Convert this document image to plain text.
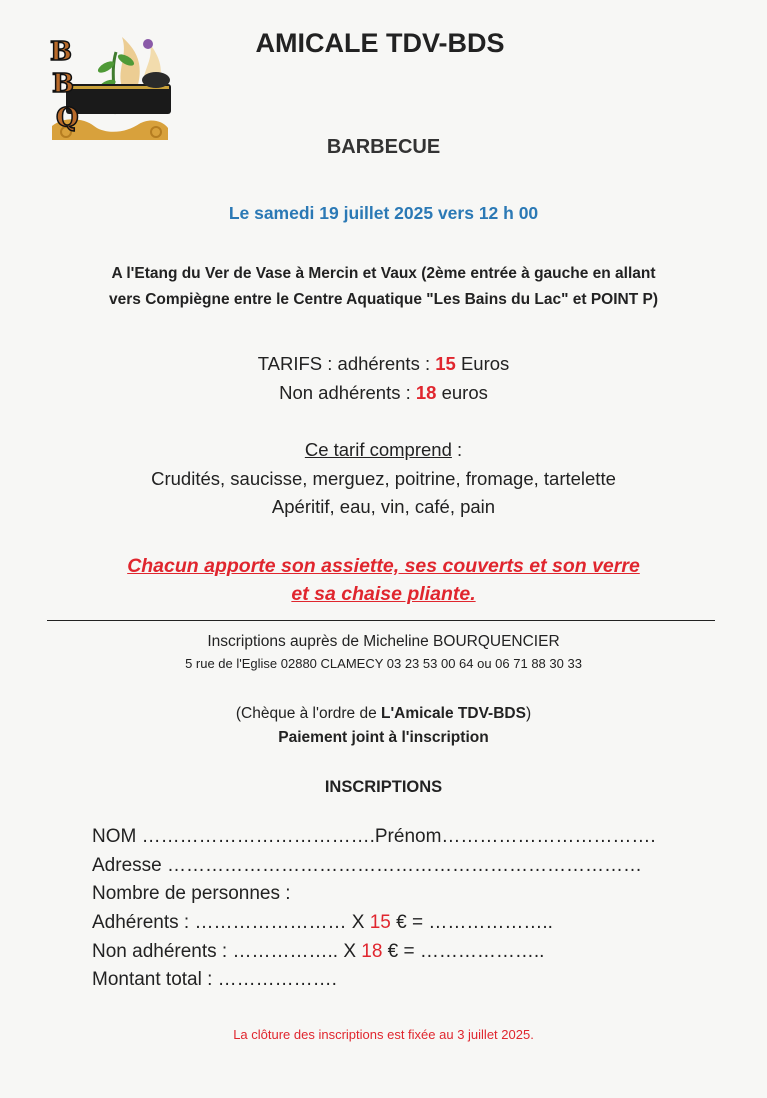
B
B
Q
AMICALE TDV-BDS
BARBECUE
Le samedi 19 juillet 2025 vers 12 h 00
A l'Etang du Ver de Vase à Mercin et Vaux (2ème entrée à gauche en allant
vers Compiègne entre le Centre Aquatique "Les Bains du Lac" et POINT P)
TARIFS : adhérents : 15 Euros
Non adhérents : 18 euros
Ce tarif comprend :
Crudités, saucisse, merguez, poitrine, fromage, tartelette
Apéritif, eau, vin, café, pain
Chacun apporte son assiette, ses couverts et son verre
et sa chaise pliante.
Inscriptions auprès de Micheline BOURQUENCIER
5 rue de l'Eglise 02880 CLAMECY 03 23 53 00 64 ou 06 71 88 30 33
(Chèque à l'ordre de L'Amicale TDV-BDS)
Paiement joint à l'inscription
INSCRIPTIONS
NOM ……………………………….Prénom…………………………….
Adresse …………………………………………………………………
Nombre de personnes :
Adhérents : …………………… X 15 € = ………………..
Non adhérents : …………….. X 18 € = ………………..
Montant total : ……………….
La clôture des inscriptions est fixée au 3 juillet 2025.
